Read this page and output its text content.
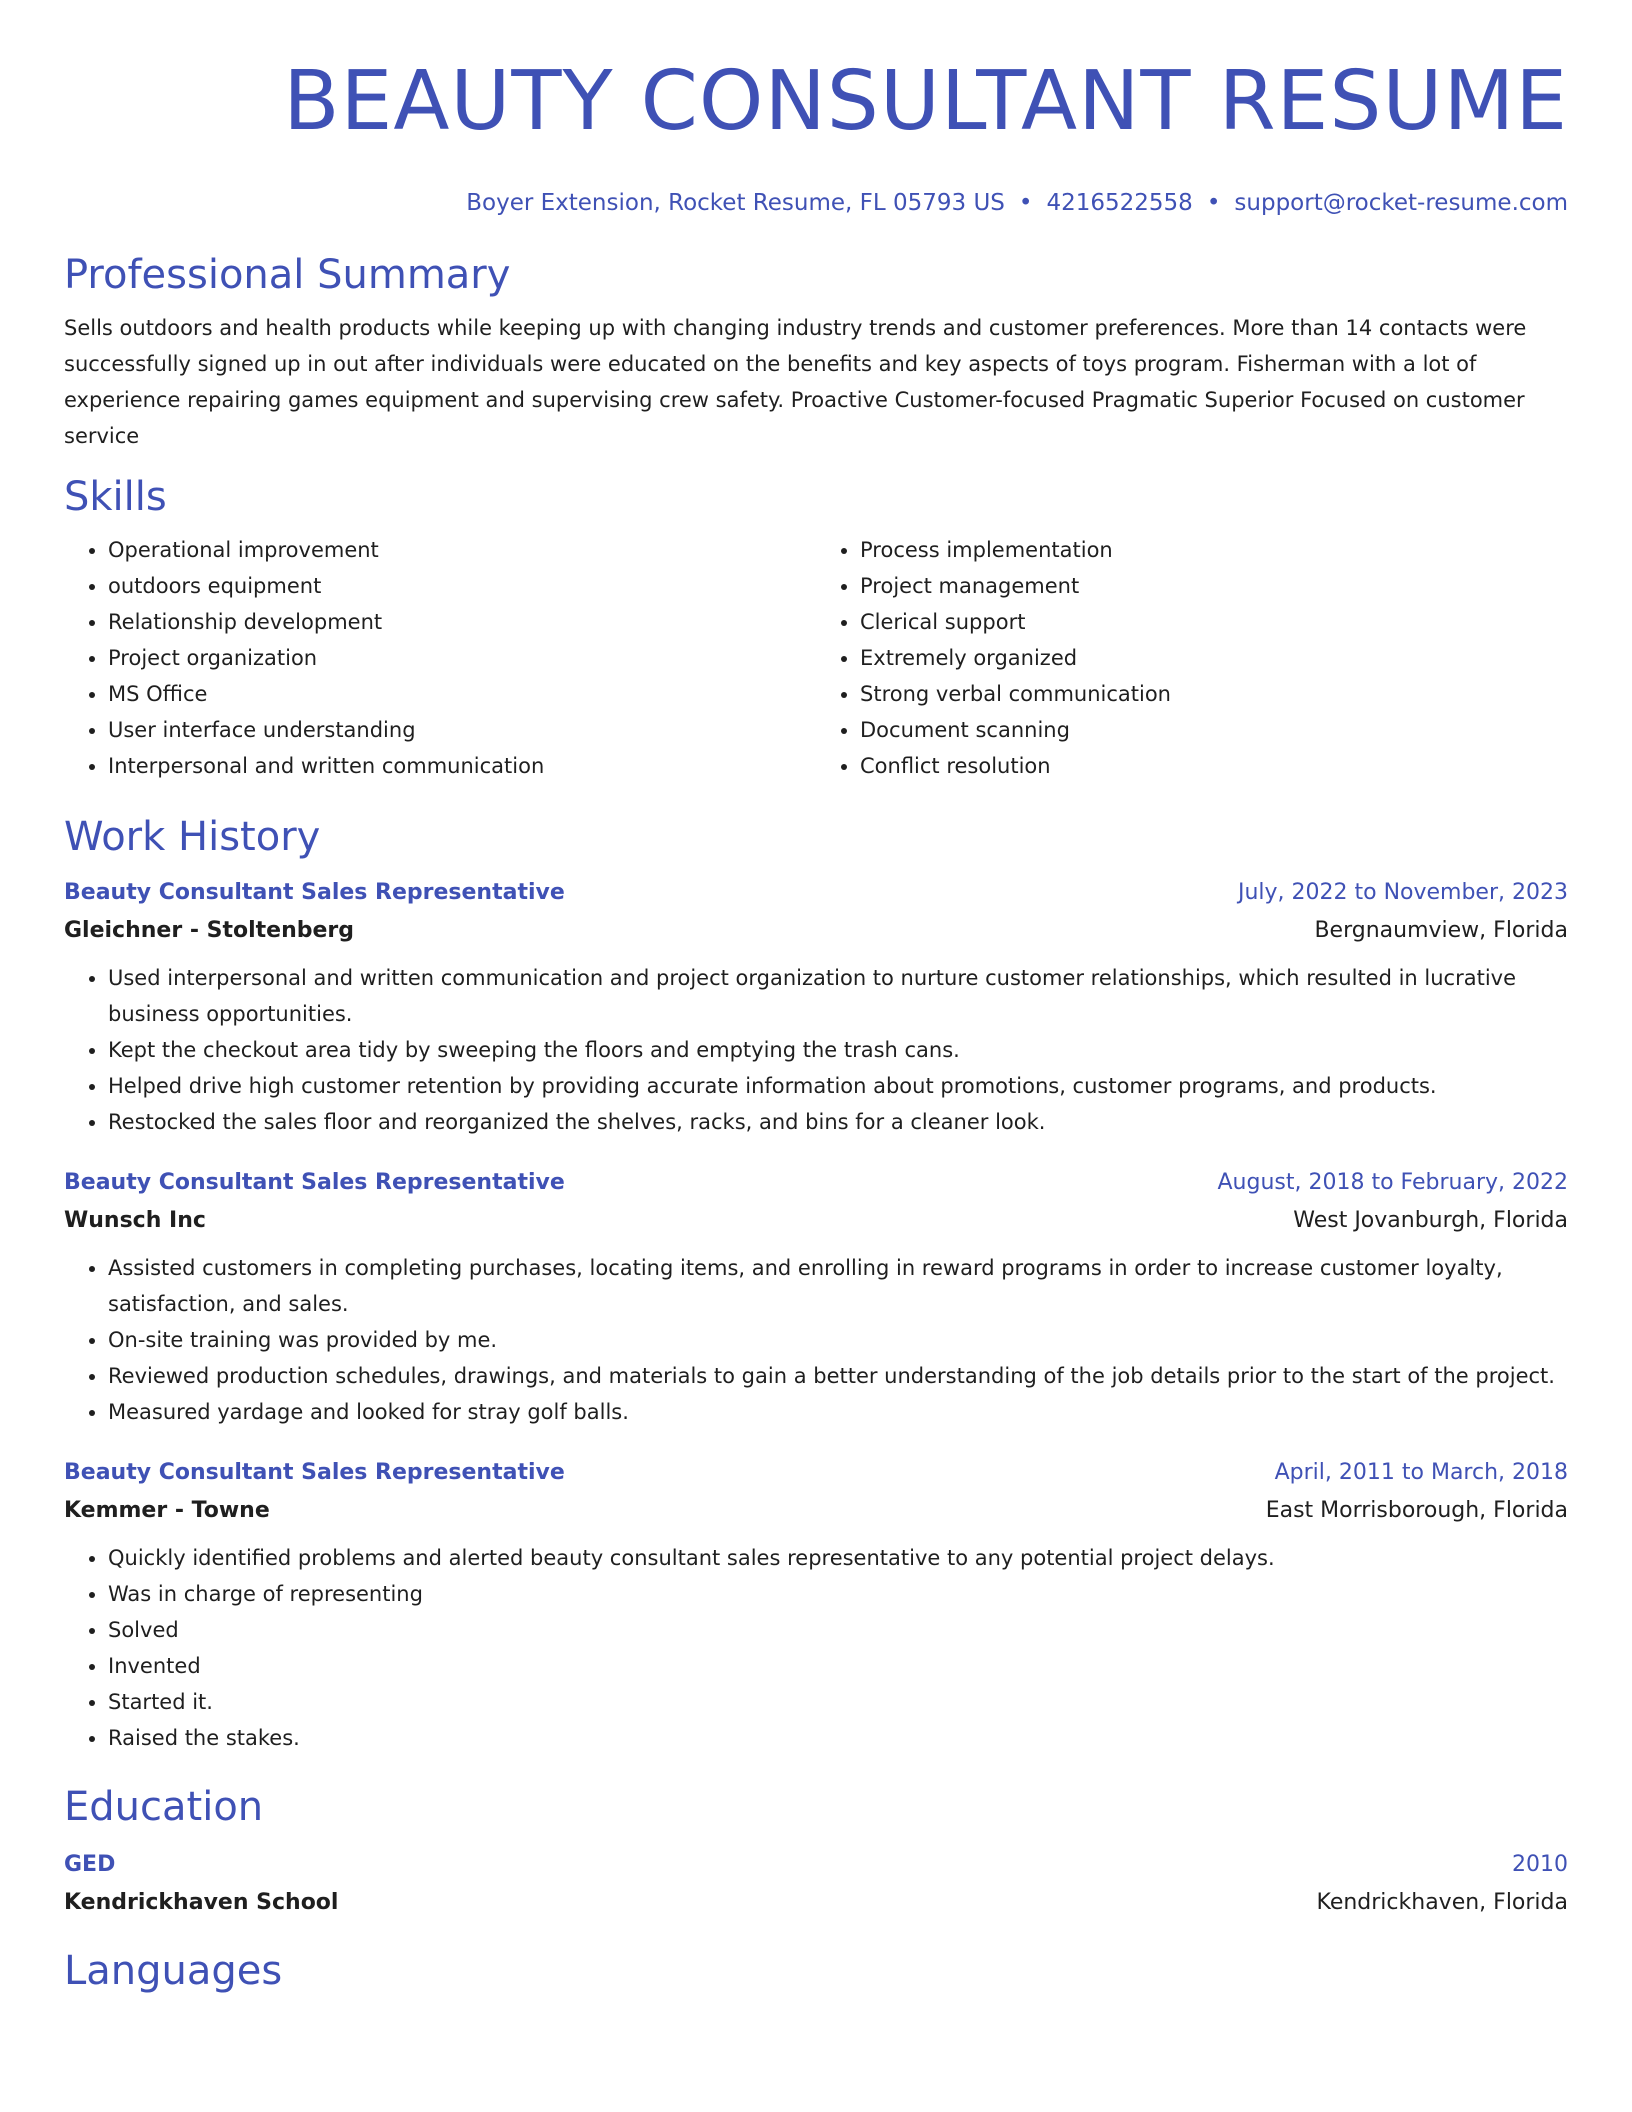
BEAUTY CONSULTANT RESUME
Boyer Extension, Rocket Resume, FL 05793 US • 4216522558 • support@rocket-resume.com
Professional Summary

Sells outdoors and health products while keeping up with changing industry trends and customer preferences. More than 14 contacts were successfully signed up in out after individuals were educated on the benefits and key aspects of toys program. Fisherman with a lot of experience repairing games equipment and supervising crew safety. Proactive Customer-focused Pragmatic Superior Focused on customer service

Skills
• Operational improvement
• outdoors equipment
• Relationship development
• Project organization
• MS Office
• User interface understanding
• Interpersonal and written communication
• Process implementation
• Project management
• Clerical support
• Extremely organized
• Strong verbal communication
• Document scanning
• Conflict resolution
Work History
Beauty Consultant Sales Representative	July, 2022 to November, 2023
Gleichner - Stoltenberg	Bergnaumview, Florida
• Used interpersonal and written communication and project organization to nurture customer relationships, which resulted in lucrative business opportunities.
• Kept the checkout area tidy by sweeping the floors and emptying the trash cans.
• Helped drive high customer retention by providing accurate information about promotions, customer programs, and products.
• Restocked the sales floor and reorganized the shelves, racks, and bins for a cleaner look.
Beauty Consultant Sales Representative	August, 2018 to February, 2022
Wunsch Inc	West Jovanburgh, Florida
• Assisted customers in completing purchases, locating items, and enrolling in reward programs in order to increase customer loyalty, satisfaction, and sales.
• On-site training was provided by me.
• Reviewed production schedules, drawings, and materials to gain a better understanding of the job details prior to the start of the project.
• Measured yardage and looked for stray golf balls.
Beauty Consultant Sales Representative	April, 2011 to March, 2018
Kemmer - Towne	East Morrisborough, Florida
• Quickly identified problems and alerted beauty consultant sales representative to any potential project delays.
• Was in charge of representing
• Solved
• Invented
• Started it.
• Raised the stakes.
Education
GED	2010
Kendrickhaven School	Kendrickhaven, Florida
Languages
